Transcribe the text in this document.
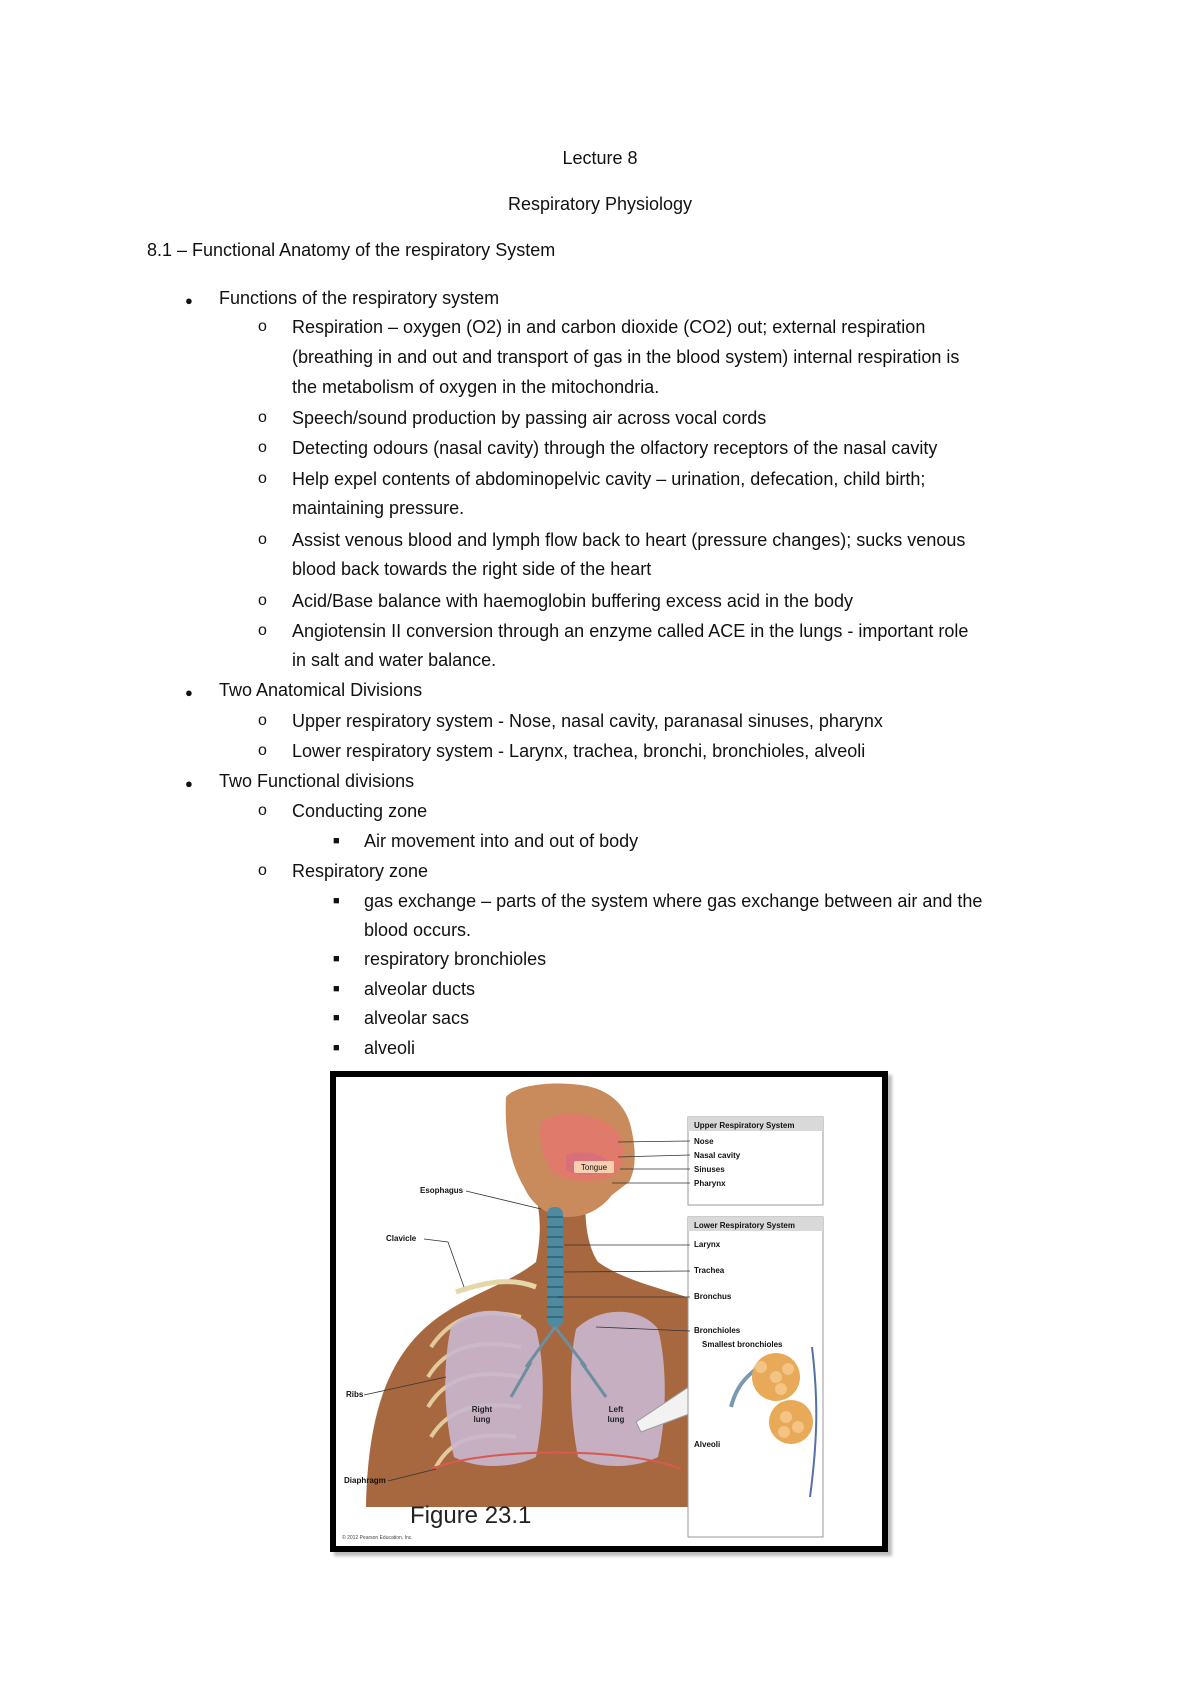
Lecture 8
Respiratory Physiology
8.1 – Functional Anatomy of the respiratory System
● Functions of the respiratory system
o Respiration – oxygen (O2) in and carbon dioxide (CO2) out; external respiration
(breathing in and out and transport of gas in the blood system) internal respiration is
the metabolism of oxygen in the mitochondria.
o Speech/sound production by passing air across vocal cords
o Detecting odours (nasal cavity) through the olfactory receptors of the nasal cavity
o Help expel contents of abdominopelvic cavity – urination, defecation, child birth;
maintaining pressure.
o Assist venous blood and lymph flow back to heart (pressure changes); sucks venous
blood back towards the right side of the heart
o Acid/Base balance with haemoglobin buffering excess acid in the body
o Angiotensin II conversion through an enzyme called ACE in the lungs - important role
in salt and water balance.
● Two Anatomical Divisions
o Upper respiratory system - Nose, nasal cavity, paranasal sinuses, pharynx
o Lower respiratory system - Larynx, trachea, bronchi, bronchioles, alveoli
● Two Functional divisions
o Conducting zone
■ Air movement into and out of body
o Respiratory zone
■ gas exchange – parts of the system where gas exchange between air and the
blood occurs.
■ respiratory bronchioles
■ alveolar ducts
■ alveolar sacs
■ alveoli
Tongue
Upper Respiratory System
Nose
Nasal cavity
Sinuses
Pharynx
Lower Respiratory System
Larynx
Trachea
Bronchus
Bronchioles
Smallest bronchioles
Alveoli
Esophagus
Clavicle
Ribs
Diaphragm
Right
lung
Left
lung
© 2012 Pearson Education, Inc.
Figure 23.1
